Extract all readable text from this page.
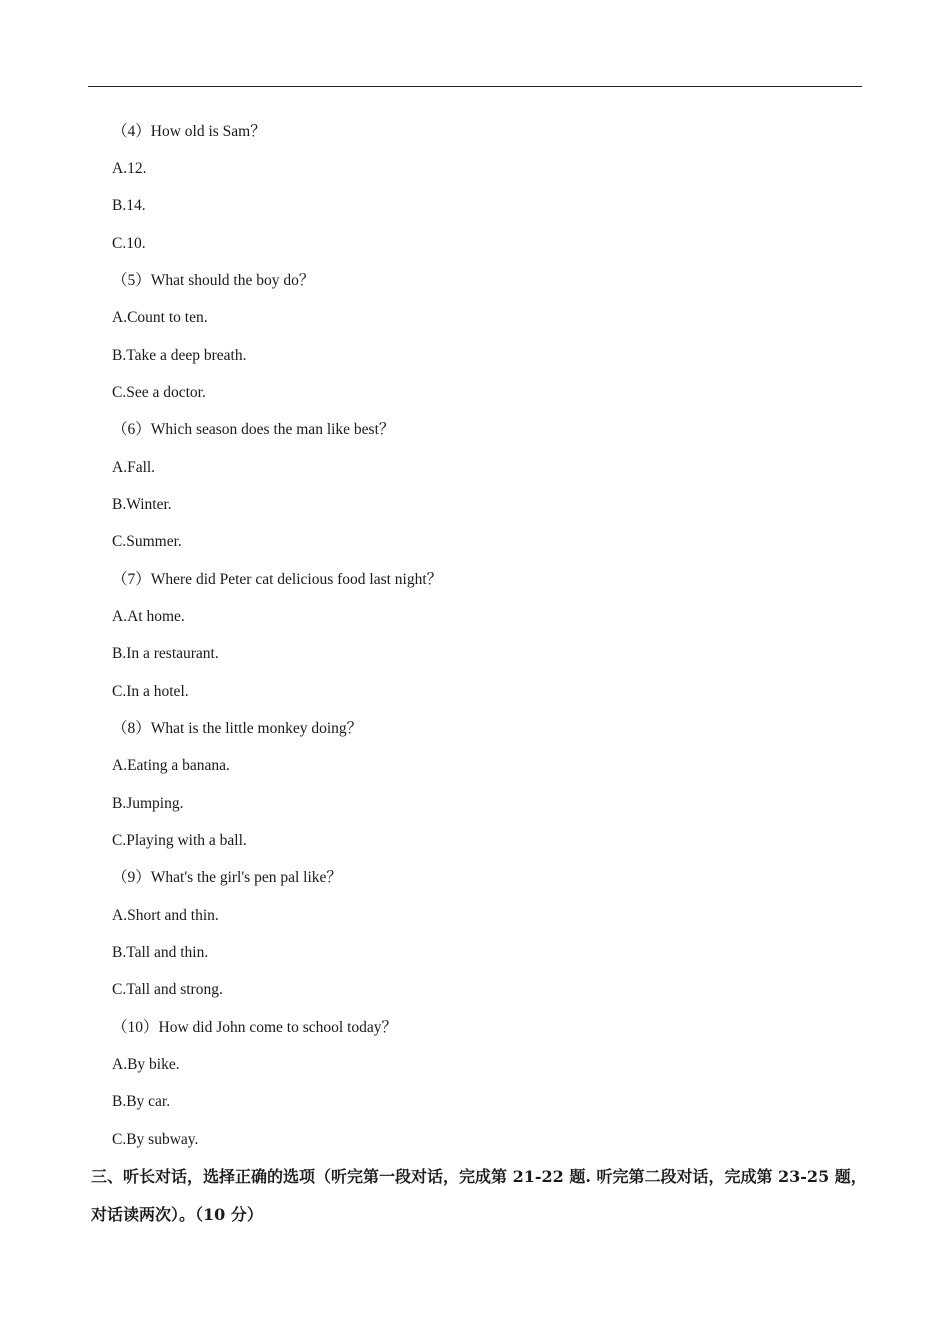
（4）How old is Sam？
A.12.
B.14.
C.10.
（5）What should the boy do？
A.Count to ten.
B.Take a deep breath.
C.See a doctor.
（6）Which season does the man like best？
A.Fall.
B.Winter.
C.Summer.
（7）Where did Peter cat delicious food last night？
A.At home.
B.In a restaurant.
C.In a hotel.
（8）What is the little monkey doing？
A.Eating a banana.
B.Jumping.
C.Playing with a ball.
（9）What's the girl's pen pal like？
A.Short and thin.
B.Tall and thin.
C.Tall and strong.
（10）How did John come to school today？
A.By bike.
B.By car.
C.By subway.
三、听长对话，选择正确的选项（听完第一段对话，完成第 21-22 题. 听完第二段对话，完成第 23-25 题，
对话读两次）。（10 分）
